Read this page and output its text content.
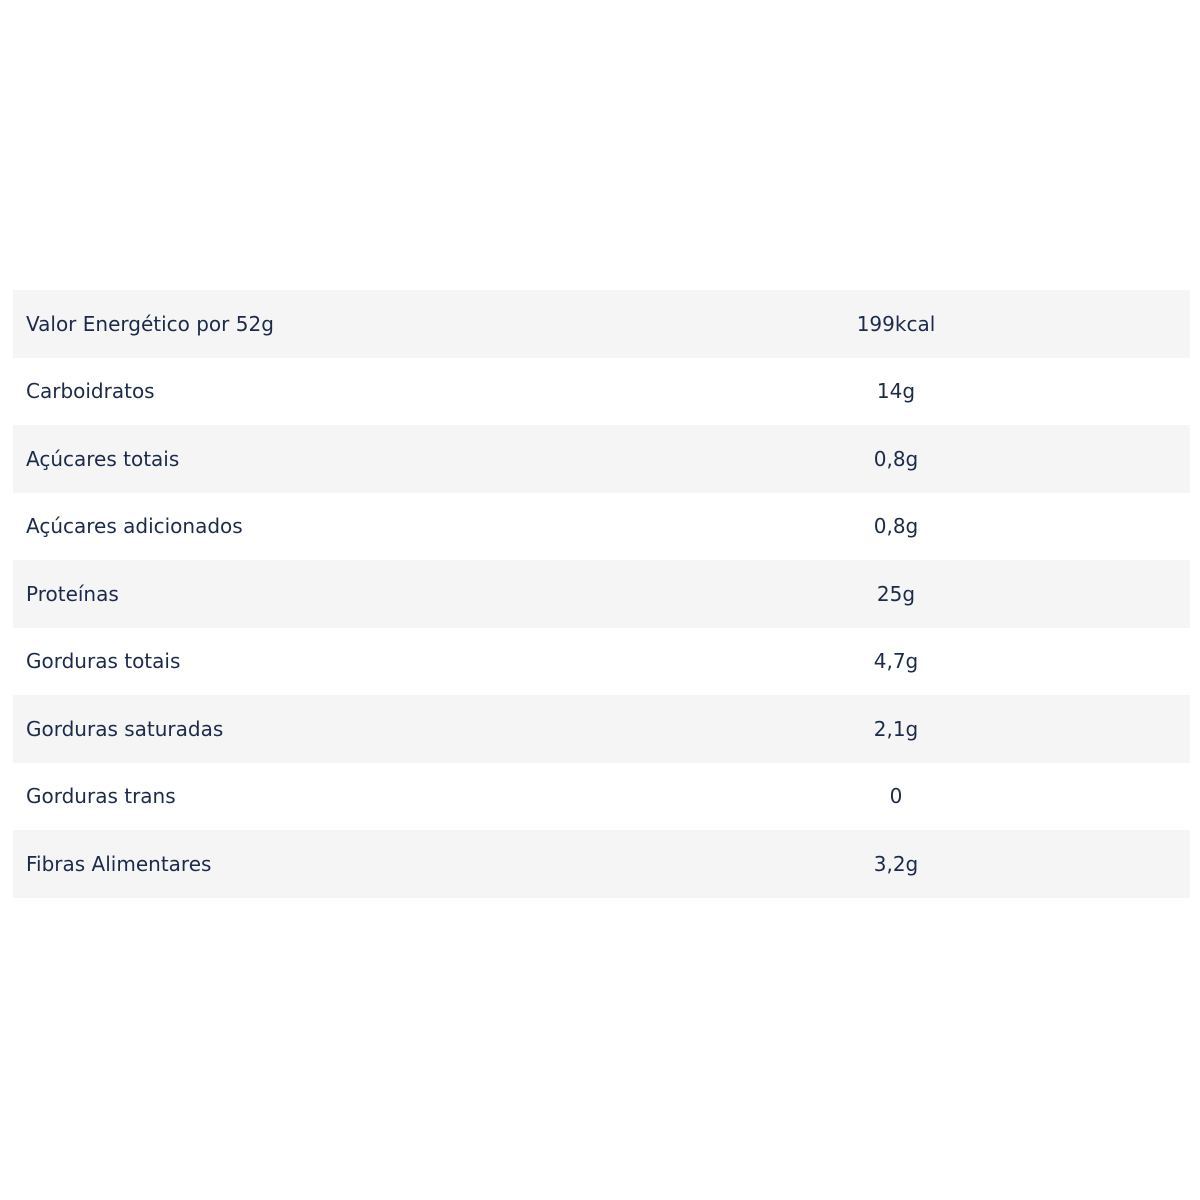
Valor Energético por 52g	199kcal
Carboidratos	14g
Açúcares totais	0,8g
Açúcares adicionados	0,8g
Proteínas	25g
Gorduras totais	4,7g
Gorduras saturadas	2,1g
Gorduras trans	0
Fibras Alimentares	3,2g
